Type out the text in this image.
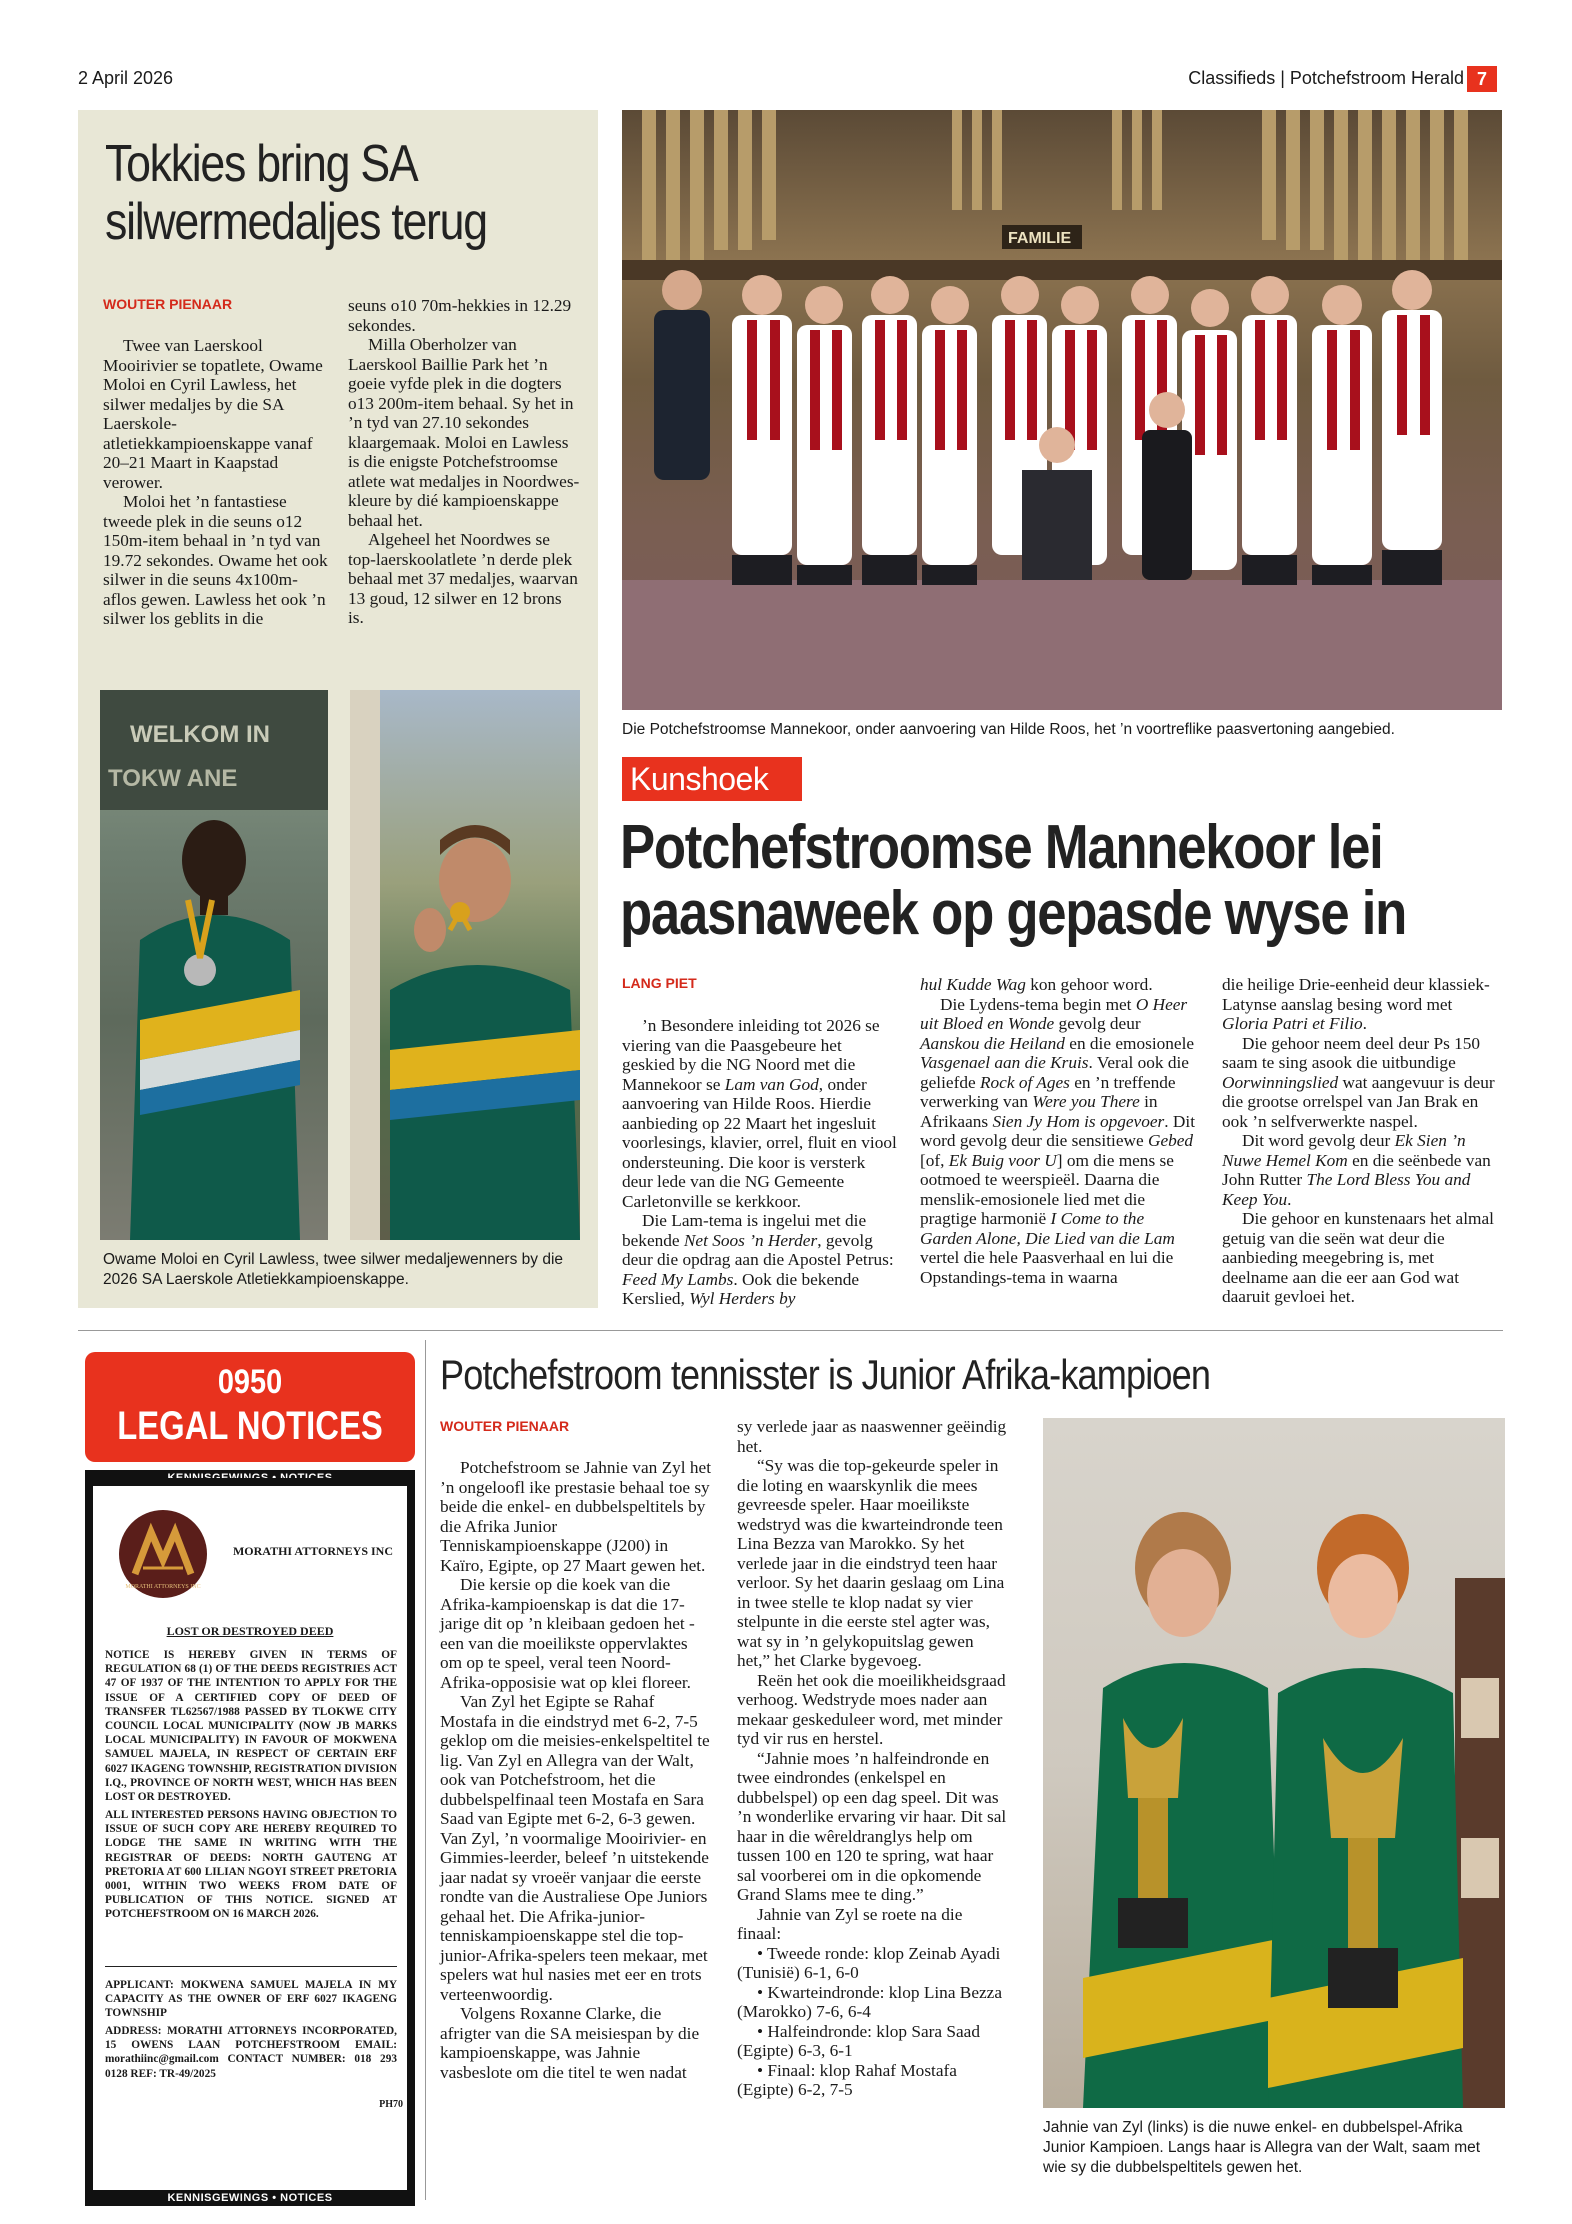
2 April 2026	Classifieds | Potchefstroom Herald 7
Tokkies bring SA
silwermedaljes terug
WOUTER PIENAAR

Twee van Laerskool Mooirivier se topatlete, Owame Moloi en Cyril Lawless, het silwer medaljes by die SA Laerskole-atletiekkampioenskappe vanaf 20–21 Maart in Kaapstad verower.

Moloi het ’n fantastiese tweede plek in die seuns o12 150m-item behaal in ’n tyd van 19.72 sekondes. Owame het ook silwer in die seuns 4x100m-aflos gewen. Lawless het ook ’n silwer los geblits in die

seuns o10 70m-hekkies in 12.29 sekondes.

Milla Oberholzer van Laerskool Baillie Park het ’n goeie vyfde plek in die dogters o13 200m-item behaal. Sy het in ’n tyd van 27.10 sekondes klaargemaak. Moloi en Lawless is die enigste Potchefstroomse atlete wat medaljes in Noordwes-kleure by dié kampioenskappe behaal het.

Algeheel het Noordwes se top-laerskoolatlete ’n derde plek behaal met 37 medaljes, waarvan 13 goud, 12 silwer en 12 brons is.

WELKOM IN
TOKW ANE
Owame Moloi en Cyril Lawless, twee silwer medaljewenners by die 2026 SA Laerskole Atletiekkampioenskappe.
FAMILIE
Die Potchefstroomse Mannekoor, onder aanvoering van Hilde Roos, het ’n voortreflike paasvertoning aangebied.
Kunshoek
Potchefstroomse Mannekoor lei
paasnaweek op gepasde wyse in
LANG PIET

’n Besondere inleiding tot 2026 se viering van die Paasgebeure het geskied by die NG Noord met die Mannekoor se Lam van God, onder aanvoering van Hilde Roos. Hierdie aanbieding op 22 Maart het ingesluit voorlesings, klavier, orrel, fluit en viool ondersteuning. Die koor is versterk deur lede van die NG Gemeente Carletonville se kerkkoor.

Die Lam-tema is ingelui met die bekende Net Soos ’n Herder, gevolg deur die opdrag aan die Apostel Petrus: Feed My Lambs. Ook die bekende Kerslied, Wyl Herders by

hul Kudde Wag kon gehoor word.

Die Lydens-tema begin met O Heer uit Bloed en Wonde gevolg deur Aanskou die Heiland en die emosionele Vasgenael aan die Kruis. Veral ook die geliefde Rock of Ages en ’n treffende verwerking van Were you There in Afrikaans Sien Jy Hom is opgevoer. Dit word gevolg deur die sensitiewe Gebed [of, Ek Buig voor U] om die mens se ootmoed te weerspieël. Daarna die menslik-emosionele lied met die pragtige harmonië I Come to the Garden Alone, Die Lied van die Lam vertel die hele Paasverhaal en lui die Opstandings-tema in waarna

die heilige Drie-eenheid deur klassiek- Latynse aanslag besing word met Gloria Patri et Filio.

Die gehoor neem deel deur Ps 150 saam te sing asook die uitbundige Oorwinningslied wat aangevuur is deur die grootse orrelspel van Jan Brak en ook ’n selfverwerkte naspel.

Dit word gevolg deur Ek Sien ’n Nuwe Hemel Kom en die seënbede van John Rutter The Lord Bless You and Keep You.

Die gehoor en kunstenaars het almal getuig van die seën wat deur die aanbieding meegebring is, met deelname aan die eer aan God wat daaruit gevloei het.

0950
LEGAL NOTICES
MORATHI ATTORNEYS INC
MORATHI ATTORNEYS INC
LOST OR DESTROYED DEED
NOTICE IS HEREBY GIVEN IN TERMS OF REGULATION 68 (1) OF THE DEEDS REGISTRIES ACT 47 OF 1937 OF THE INTENTION TO APPLY FOR THE ISSUE OF A CERTIFIED COPY OF DEED OF TRANSFER TL62567/1988 PASSED BY TLOKWE CITY COUNCIL LOCAL MUNICIPALITY (NOW JB MARKS LOCAL MUNICIPALITY) IN FAVOUR OF MOKWENA SAMUEL MAJELA, IN RESPECT OF CERTAIN ERF 6027 IKAGENG TOWNSHIP, REGISTRATION DIVISION I.Q., PROVINCE OF NORTH WEST, WHICH HAS BEEN LOST OR DESTROYED.
ALL INTERESTED PERSONS HAVING OBJECTION TO ISSUE OF SUCH COPY ARE HEREBY REQUIRED TO LODGE THE SAME IN WRITING WITH THE REGISTRAR OF DEEDS: NORTH GAUTENG AT PRETORIA AT 600 LILIAN NGOYI STREET PRETORIA 0001, WITHIN TWO WEEKS FROM DATE OF PUBLICATION OF THIS NOTICE. SIGNED AT POTCHEFSTROOM ON 16 MARCH 2026.
APPLICANT: MOKWENA SAMUEL MAJELA IN MY CAPACITY AS THE OWNER OF ERF 6027 IKAGENG TOWNSHIP
ADDRESS: MORATHI ATTORNEYS INCORPORATED, 15 OWENS LAAN POTCHEFSTROOM EMAIL: morathiinc@gmail.com CONTACT NUMBER: 018 293 0128 REF: TR-49/2025
PH70
KENNISGEWINGS • NOTICES
Potchefstroom tennisster is Junior Afrika-kampioen
WOUTER PIENAAR

Potchefstroom se Jahnie van Zyl het ’n ongeloofl ike prestasie behaal toe sy beide die enkel- en dubbelspeltitels by die Afrika Junior Tenniskampioenskappe (J200) in Kaïro, Egipte, op 27 Maart gewen het.

Die kersie op die koek van die Afrika-kampioenskap is dat die 17-jarige dit op ’n kleibaan gedoen het - een van die moeilikste oppervlaktes om op te speel, veral teen Noord-Afrika-opposisie wat op klei floreer.

Van Zyl het Egipte se Rahaf Mostafa in die eindstryd met 6-2, 7-5 geklop om die meisies-enkelspeltitel te lig. Van Zyl en Allegra van der Walt, ook van Potchefstroom, het die dubbelspelfinaal teen Mostafa en Sara Saad van Egipte met 6-2, 6-3 gewen. Van Zyl, ’n voormalige Mooirivier- en Gimmies-leerder, beleef ’n uitstekende jaar nadat sy vroeër vanjaar die eerste rondte van die Australiese Ope Juniors gehaal het. Die Afrika-junior-tenniskampioenskappe stel die top-junior-Afrika-spelers teen mekaar, met spelers wat hul nasies met eer en trots verteenwoordig.

Volgens Roxanne Clarke, die afrigter van die SA meisiespan by die kampioenskappe, was Jahnie vasbeslote om die titel te wen nadat

sy verlede jaar as naaswenner geëindig het.

“Sy was die top-gekeurde speler in die loting en waarskynlik die mees gevreesde speler. Haar moeilikste wedstryd was die kwarteindronde teen Lina Bezza van Marokko. Sy het verlede jaar in die eindstryd teen haar verloor. Sy het daarin geslaag om Lina in twee stelle te klop nadat sy vier stelpunte in die eerste stel agter was, wat sy in ’n gelykopuitslag gewen het,” het Clarke bygevoeg.

Reën het ook die moeilikheidsgraad verhoog. Wedstryde moes nader aan mekaar geskeduleer word, met minder tyd vir rus en herstel.

“Jahnie moes ’n halfeindronde en twee eindrondes (enkelspel en dubbelspel) op een dag speel. Dit was ’n wonderlike ervaring vir haar. Dit sal haar in die wêreldranglys help om tussen 100 en 120 te spring, wat haar sal voorberei om in die opkomende Grand Slams mee te ding.”

Jahnie van Zyl se roete na die finaal:

• Tweede ronde: klop Zeinab Ayadi (Tunisië) 6-1, 6-0

• Kwarteindronde: klop Lina Bezza (Marokko) 7-6, 6-4

• Halfeindronde: klop Sara Saad (Egipte) 6-3, 6-1

• Finaal: klop Rahaf Mostafa (Egipte) 6-2, 7-5

Jahnie van Zyl (links) is die nuwe enkel- en dubbelspel-Afrika Junior Kampioen. Langs haar is Allegra van der Walt, saam met wie sy die dubbelspeltitels gewen het.
